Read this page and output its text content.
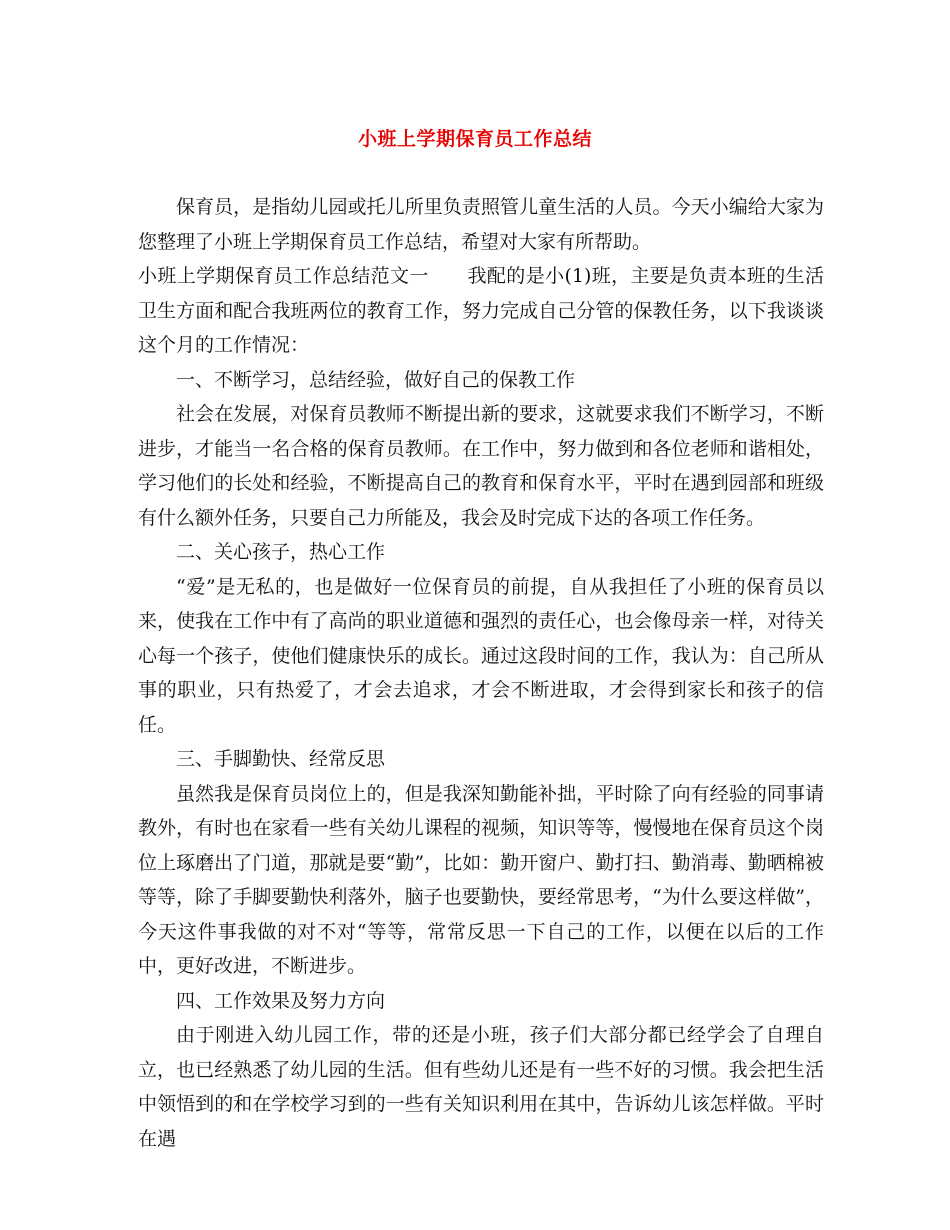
小班上学期保育员工作总结

保育员，是指幼儿园或托儿所里负责照管儿童生活的人员。今天小编给大家为您整理了小班上学期保育员工作总结，希望对大家有所帮助。

小班上学期保育员工作总结范文一　　我配的是小(1)班，主要是负责本班的生活卫生方面和配合我班两位的教育工作，努力完成自己分管的保教任务，以下我谈谈这个月的工作情况：

一、不断学习，总结经验，做好自己的保教工作

社会在发展，对保育员教师不断提出新的要求，这就要求我们不断学习，不断进步，才能当一名合格的保育员教师。在工作中，努力做到和各位老师和谐相处，学习他们的长处和经验，不断提高自己的教育和保育水平，平时在遇到园部和班级有什么额外任务，只要自己力所能及，我会及时完成下达的各项工作任务。

二、关心孩子，热心工作

“爱”是无私的，也是做好一位保育员的前提，自从我担任了小班的保育员以来，使我在工作中有了高尚的职业道德和强烈的责任心，也会像母亲一样，对待关心每一个孩子，使他们健康快乐的成长。通过这段时间的工作，我认为：自己所从事的职业，只有热爱了，才会去追求，才会不断进取，才会得到家长和孩子的信任。

三、手脚勤快、经常反思

虽然我是保育员岗位上的，但是我深知勤能补拙，平时除了向有经验的同事请教外，有时也在家看一些有关幼儿课程的视频，知识等等，慢慢地在保育员这个岗位上琢磨出了门道，那就是要“勤”，比如：勤开窗户、勤打扫、勤消毒、勤晒棉被等等，除了手脚要勤快利落外，脑子也要勤快，要经常思考，“为什么要这样做”，今天这件事我做的对不对“等等，常常反思一下自己的工作，以便在以后的工作中，更好改进，不断进步。

四、工作效果及努力方向

由于刚进入幼儿园工作，带的还是小班，孩子们大部分都已经学会了自理自立，也已经熟悉了幼儿园的生活。但有些幼儿还是有一些不好的习惯。我会把生活中领悟到的和在学校学习到的一些有关知识利用在其中，告诉幼儿该怎样做。平时在遇
